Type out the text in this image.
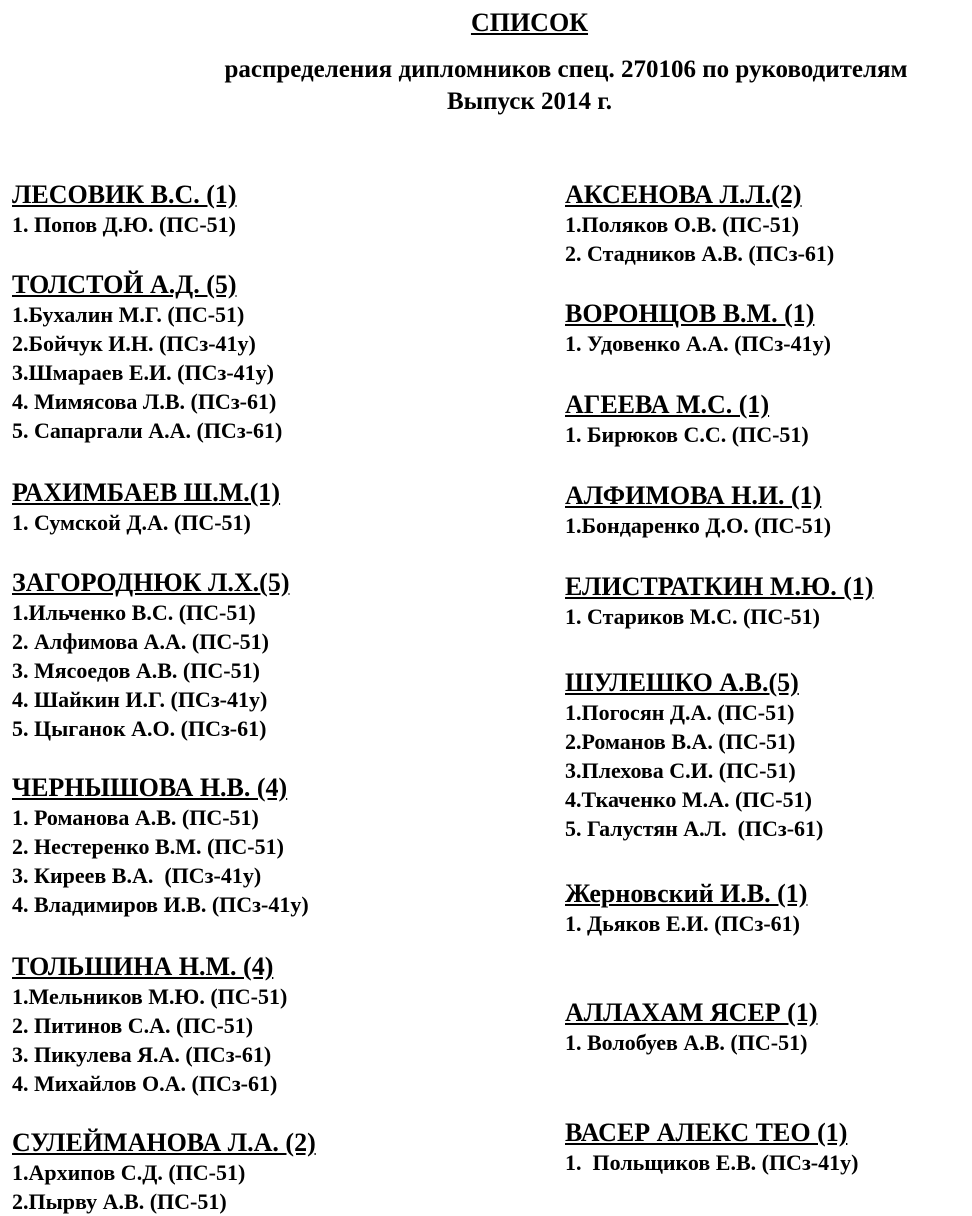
СПИСОК
распределения дипломников спец. 270106 по руководителям
Выпуск 2014 г.
ЛЕСОВИК В.С. (1)
1. Попов Д.Ю. (ПС-51)
ТОЛСТОЙ А.Д. (5)
1.Бухалин М.Г. (ПС-51)
2.Бойчук И.Н. (ПСз-41у)
3.Шмараев Е.И. (ПСз-41у)
4. Мимясова Л.В. (ПСз-61)
5. Сапаргали А.А. (ПСз-61)
РАХИМБАЕВ Ш.М.(1)
1. Сумской Д.А. (ПС-51)
ЗАГОРОДНЮК Л.Х.(5)
1.Ильченко В.С. (ПС-51)
2. Алфимова А.А. (ПС-51)
3. Мясоедов А.В. (ПС-51)
4. Шайкин И.Г. (ПСз-41у)
5. Цыганок А.О. (ПСз-61)
ЧЕРНЫШОВА Н.В. (4)
1. Романова А.В. (ПС-51)
2. Нестеренко В.М. (ПС-51)
3. Киреев В.А.  (ПСз-41у)
4. Владимиров И.В. (ПСз-41у)
ТОЛЬШИНА Н.М. (4)
1.Мельников М.Ю. (ПС-51)
2. Питинов С.А. (ПС-51)
3. Пикулева Я.А. (ПСз-61)
4. Михайлов О.А. (ПСз-61)
СУЛЕЙМАНОВА Л.А. (2)
1.Архипов С.Д. (ПС-51)
2.Пырву А.В. (ПС-51)
АКСЕНОВА Л.Л.(2)
1.Поляков О.В. (ПС-51)
2. Стадников А.В. (ПСз-61)
ВОРОНЦОВ В.М. (1)
1. Удовенко А.А. (ПСз-41у)
АГЕЕВА М.С. (1)
1. Бирюков С.С. (ПС-51)
АЛФИМОВА Н.И. (1)
1.Бондаренко Д.О. (ПС-51)
ЕЛИСТРАТКИН М.Ю. (1)
1. Стариков М.С. (ПС-51)
ШУЛЕШКО А.В.(5)
1.Погосян Д.А. (ПС-51)
2.Романов В.А. (ПС-51)
3.Плехова С.И. (ПС-51)
4.Ткаченко М.А. (ПС-51)
5. Галустян А.Л.  (ПСз-61)
Жерновский И.В. (1)
1. Дьяков Е.И. (ПСз-61)
АЛЛАХАМ ЯСЕР (1)
1. Волобуев А.В. (ПС-51)
ВАСЕР АЛЕКС ТЕО (1)
1.  Польщиков Е.В. (ПСз-41у)
